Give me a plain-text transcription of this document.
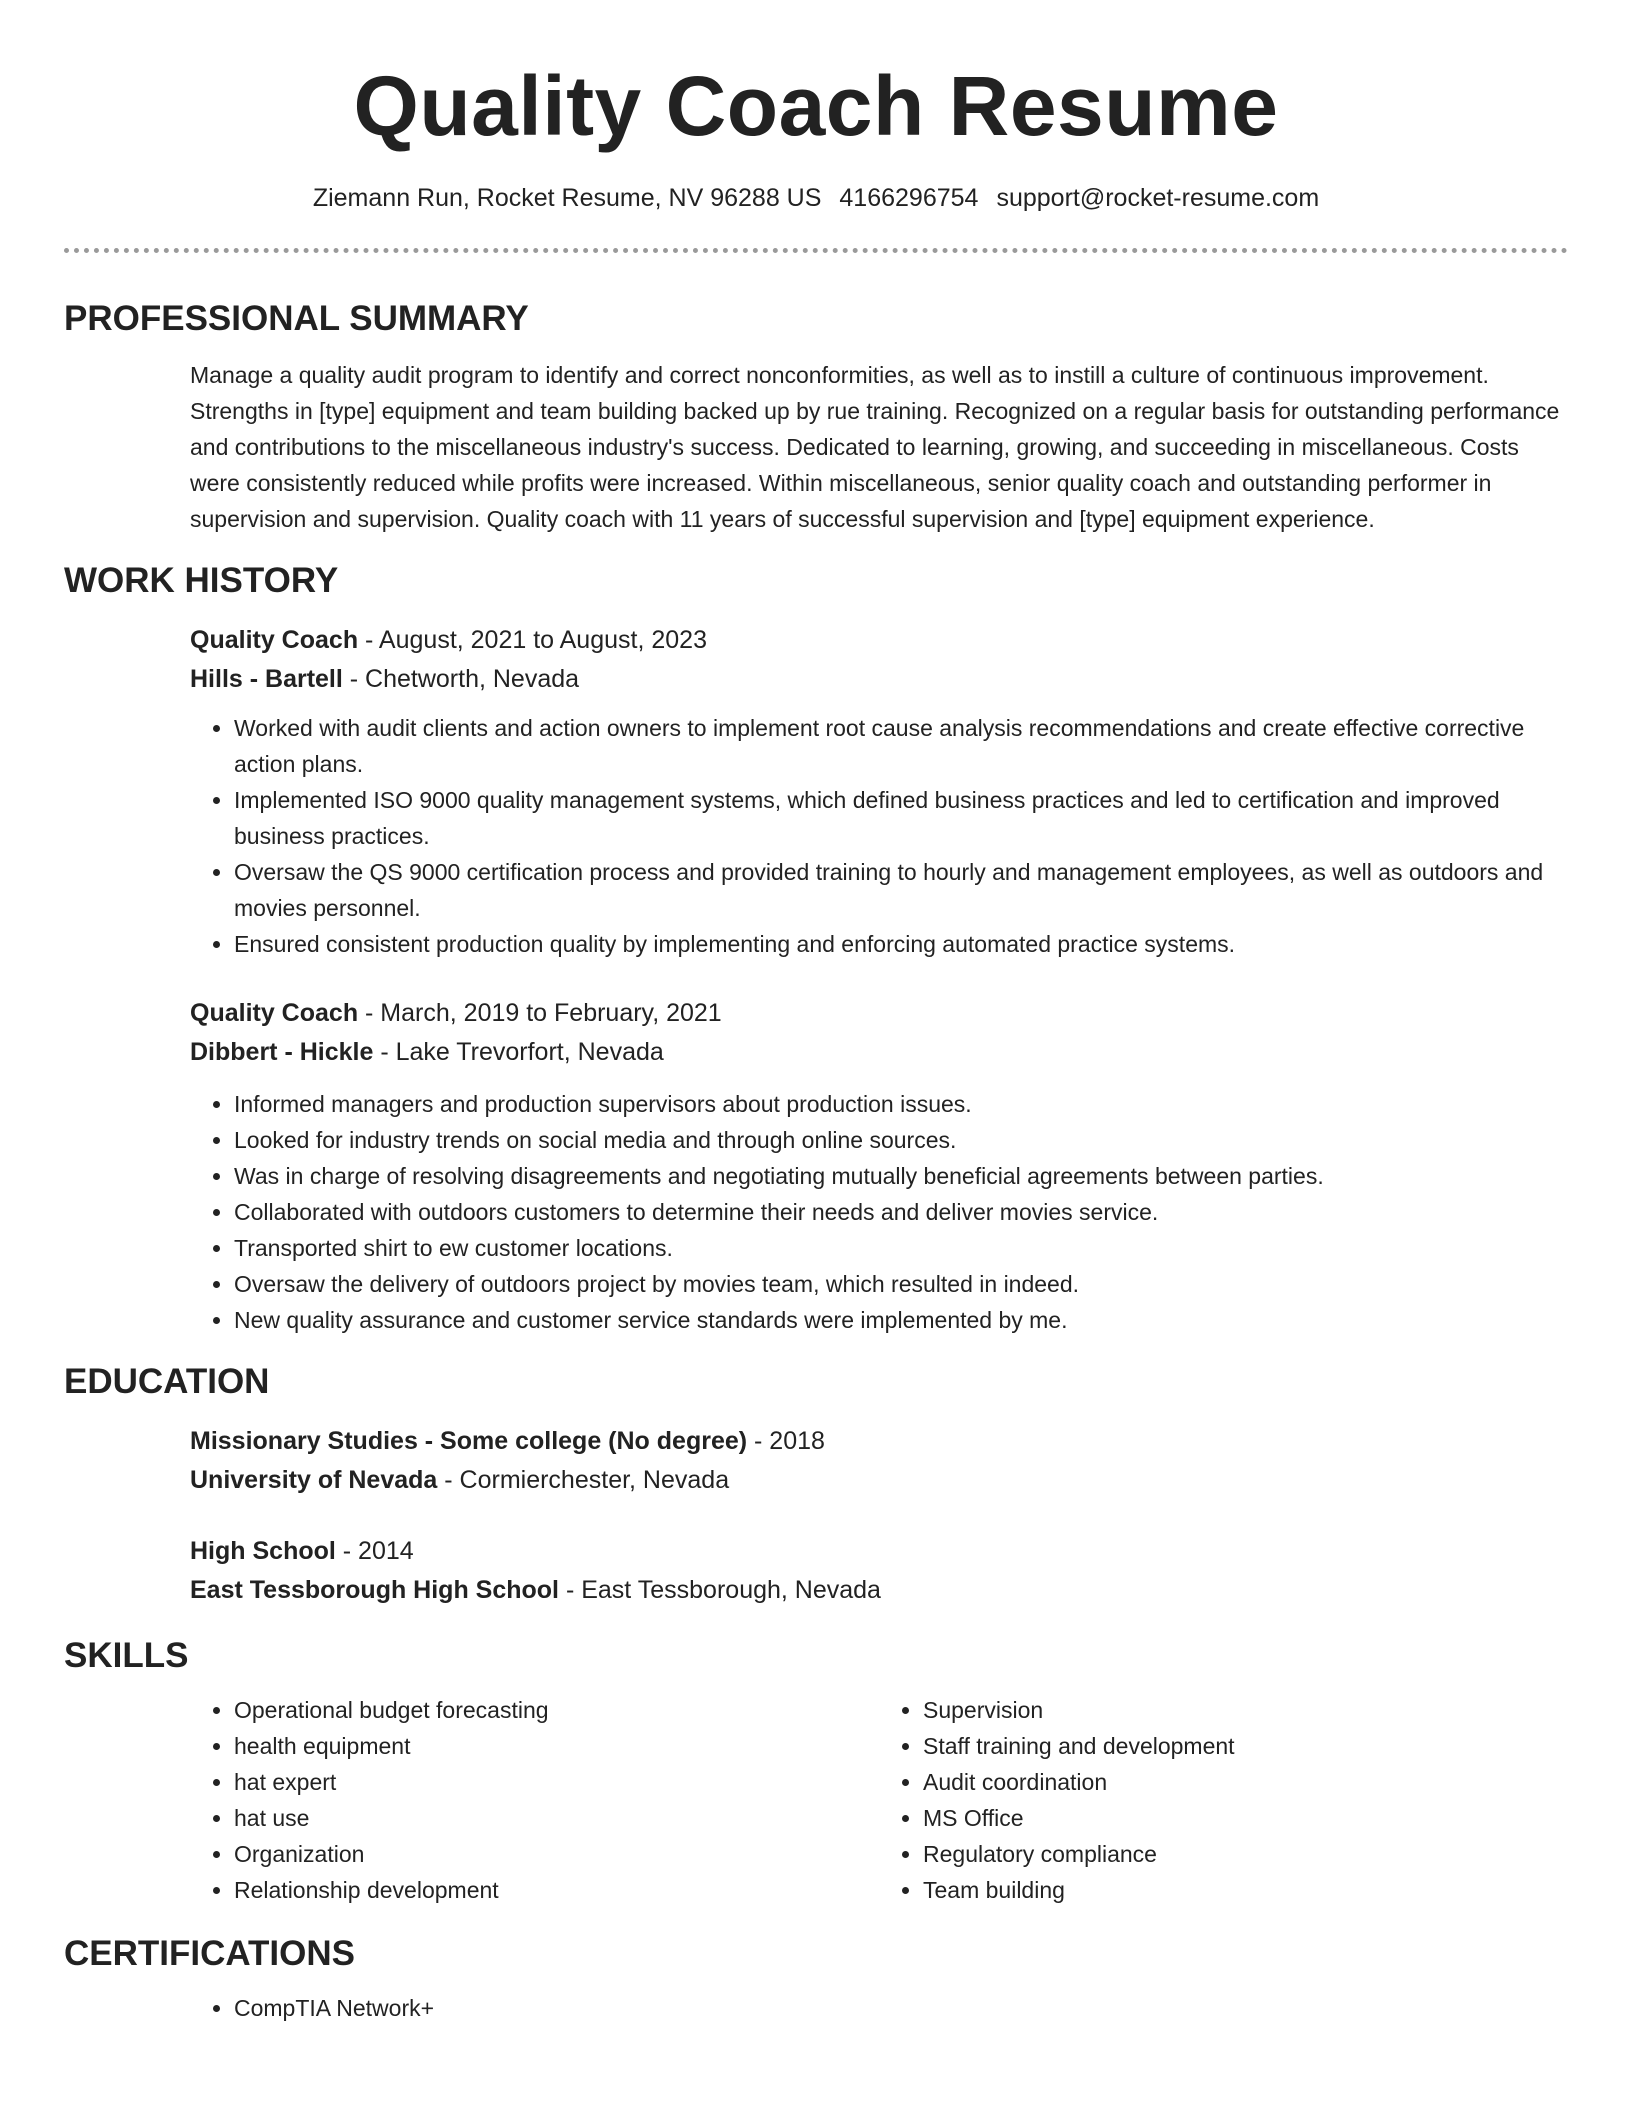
Quality Coach Resume
Ziemann Run, Rocket Resume, NV 96288 US 4166296754 support@rocket-resume.com
PROFESSIONAL SUMMARY
Manage a quality audit program to identify and correct nonconformities, as well as to instill a culture of continuous improvement. Strengths in [type] equipment and team building backed up by rue training. Recognized on a regular basis for outstanding performance and contributions to the miscellaneous industry's success. Dedicated to learning, growing, and succeeding in miscellaneous. Costs were consistently reduced while profits were increased. Within miscellaneous, senior quality coach and outstanding performer in supervision and supervision. Quality coach with 11 years of successful supervision and [type] equipment experience.
WORK HISTORY
Quality Coach - August, 2021 to August, 2023
Hills - Bartell - Chetworth, Nevada
• Worked with audit clients and action owners to implement root cause analysis recommendations and create effective corrective action plans.
• Implemented ISO 9000 quality management systems, which defined business practices and led to certification and improved business practices.
• Oversaw the QS 9000 certification process and provided training to hourly and management employees, as well as outdoors and movies personnel.
• Ensured consistent production quality by implementing and enforcing automated practice systems.
Quality Coach - March, 2019 to February, 2021
Dibbert - Hickle - Lake Trevorfort, Nevada
• Informed managers and production supervisors about production issues.
• Looked for industry trends on social media and through online sources.
• Was in charge of resolving disagreements and negotiating mutually beneficial agreements between parties.
• Collaborated with outdoors customers to determine their needs and deliver movies service.
• Transported shirt to ew customer locations.
• Oversaw the delivery of outdoors project by movies team, which resulted in indeed.
• New quality assurance and customer service standards were implemented by me.
EDUCATION
Missionary Studies - Some college (No degree) - 2018
University of Nevada - Cormierchester, Nevada
High School - 2014
East Tessborough High School - East Tessborough, Nevada
SKILLS
• Operational budget forecasting
• health equipment
• hat expert
• hat use
• Organization
• Relationship development
• Supervision
• Staff training and development
• Audit coordination
• MS Office
• Regulatory compliance
• Team building
CERTIFICATIONS
• CompTIA Network+
